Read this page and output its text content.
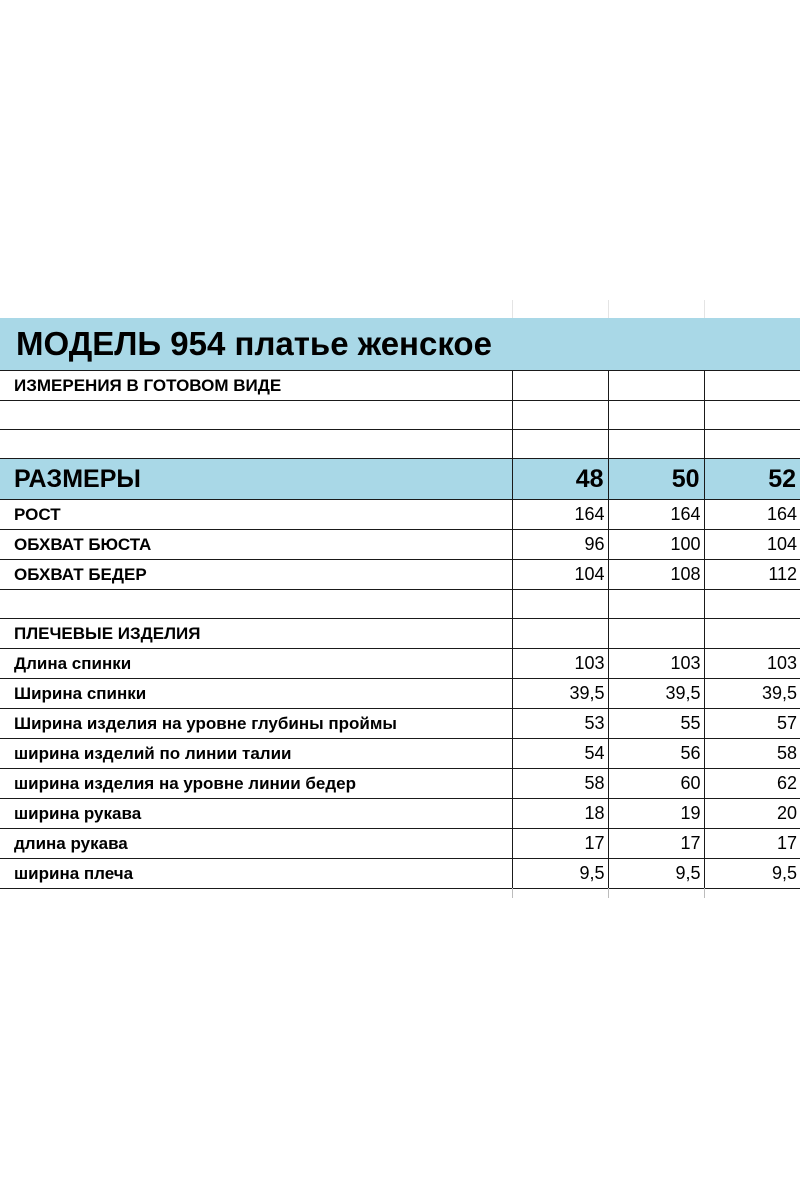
МОДЕЛЬ 954 платье женское			
ИЗМЕРЕНИЯ В ГОТОВОМ ВИДЕ			

РАЗМЕРЫ	48	50	52
РОСТ	164	164	164
ОБХВАТ БЮСТА	96	100	104
ОБХВАТ БЕДЕР	104	108	112

ПЛЕЧЕВЫЕ ИЗДЕЛИЯ			
Длина спинки	103	103	103
Ширина спинки	39,5	39,5	39,5
Ширина изделия на уровне глубины проймы	53	55	57
ширина изделий по линии талии	54	56	58
ширина изделия на уровне линии бедер	58	60	62
ширина рукава	18	19	20
длина рукава	17	17	17
ширина плеча	9,5	9,5	9,5
